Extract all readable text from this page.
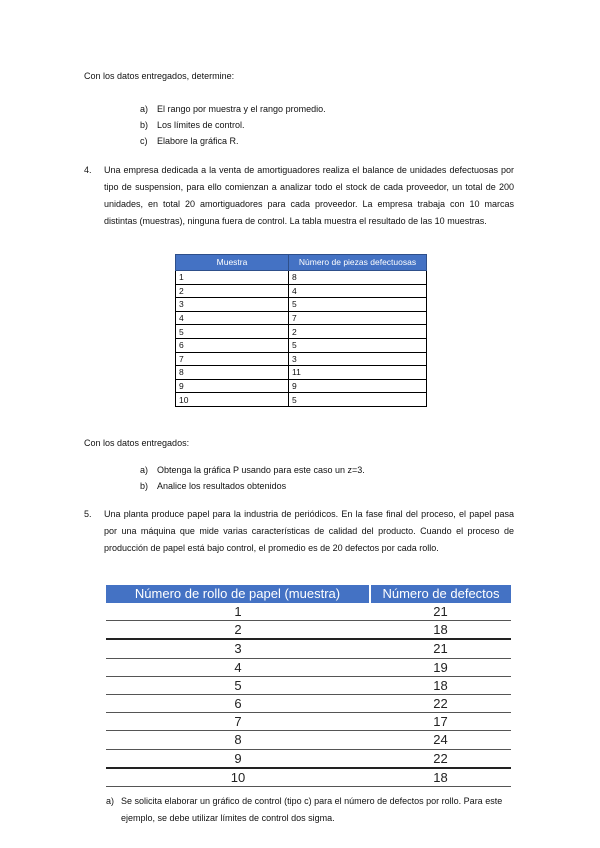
Con los datos entregados, determine:

a) El rango por muestra y el rango promedio.
b) Los límites de control.
c) Elabore la gráfica R.
4. Una empresa dedicada a la venta de amortiguadores realiza el balance de unidades defectuosas por tipo de suspension, para ello comienzan a analizar todo el stock de cada proveedor, un total de 200 unidades, en total 20 amortiguadores para cada proveedor. La empresa trabaja con 10 marcas distintas (muestras), ninguna fuera de control. La tabla muestra el resultado de las 10 muestras.
Muestra	Número de piezas defectuosas
1	8
2	4
3	5
4	7
5	2
6	5
7	3
8	11
9	9
10	5

Con los datos entregados:

a) Obtenga la gráfica P usando para este caso un z=3.
b) Analice los resultados obtenidos
5. Una planta produce papel para la industria de periódicos. En la fase final del proceso, el papel pasa por una máquina que mide varias características de calidad del producto. Cuando el proceso de producción de papel está bajo control, el promedio es de 20 defectos por cada rollo.
Número de rollo de papel (muestra)	Número de defectos
1	21
2	18
3	21
4	19
5	18
6	22
7	17
8	24
9	22
10	18
a) Se solicita elaborar un gráfico de control (tipo c) para el número de defectos por rollo. Para este ejemplo, se debe utilizar límites de control dos sigma.
